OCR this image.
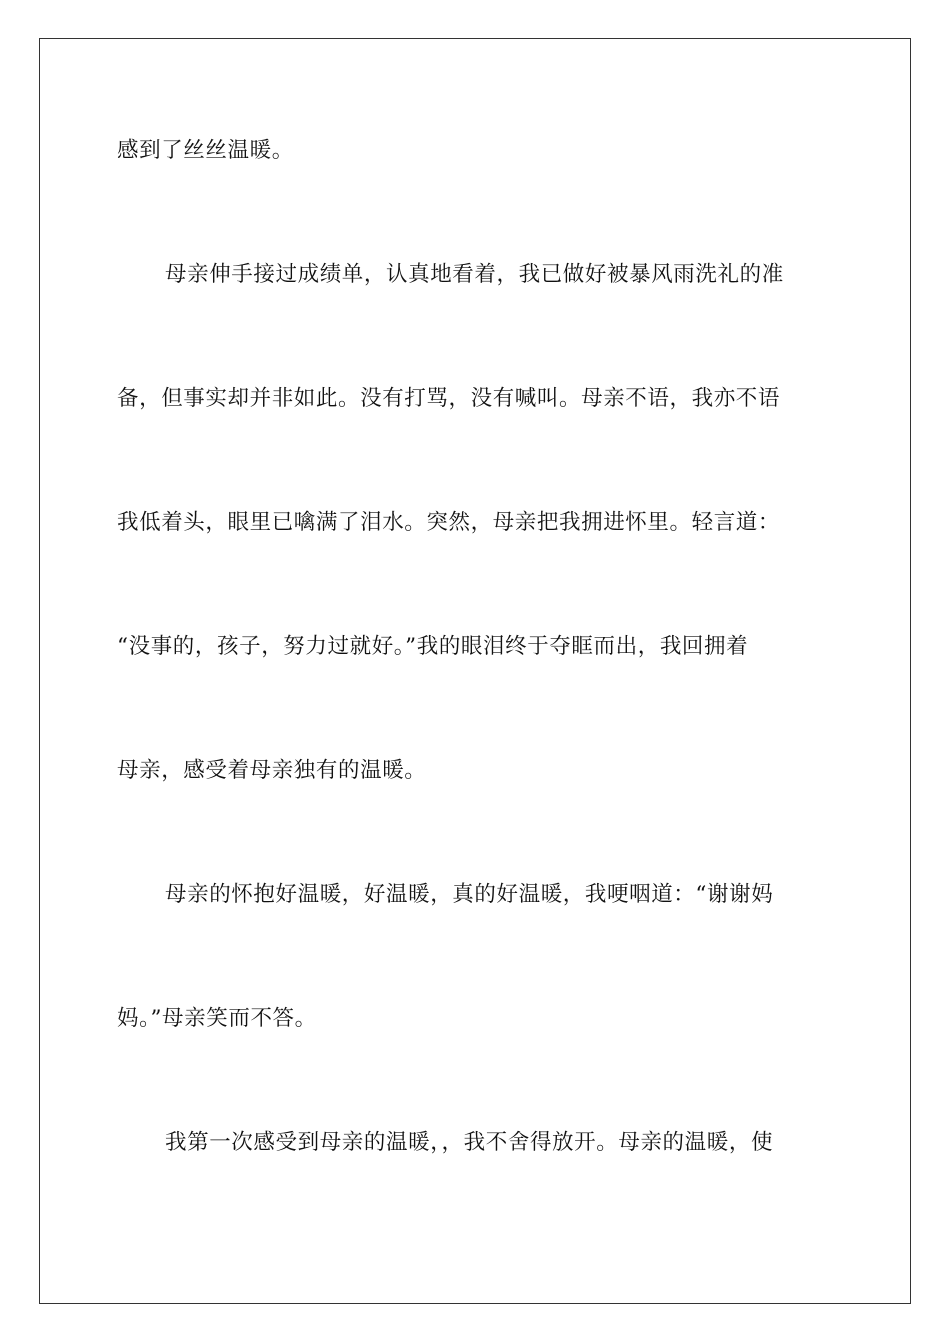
感到了丝丝温暖。
母亲伸手接过成绩单，认真地看着，我已做好被暴风雨洗礼的准
备，但事实却并非如此。没有打骂，没有喊叫。母亲不语，我亦不语
我低着头，眼里已噙满了泪水。突然，母亲把我拥进怀里。轻言道：
“没事的，孩子，努力过就好。”我的眼泪终于夺眶而出，我回拥着
母亲，感受着母亲独有的温暖。
母亲的怀抱好温暖，好温暖，真的好温暖，我哽咽道：“谢谢妈
妈。”母亲笑而不答。
我第一次感受到母亲的温暖，，我不舍得放开。母亲的温暖，使
